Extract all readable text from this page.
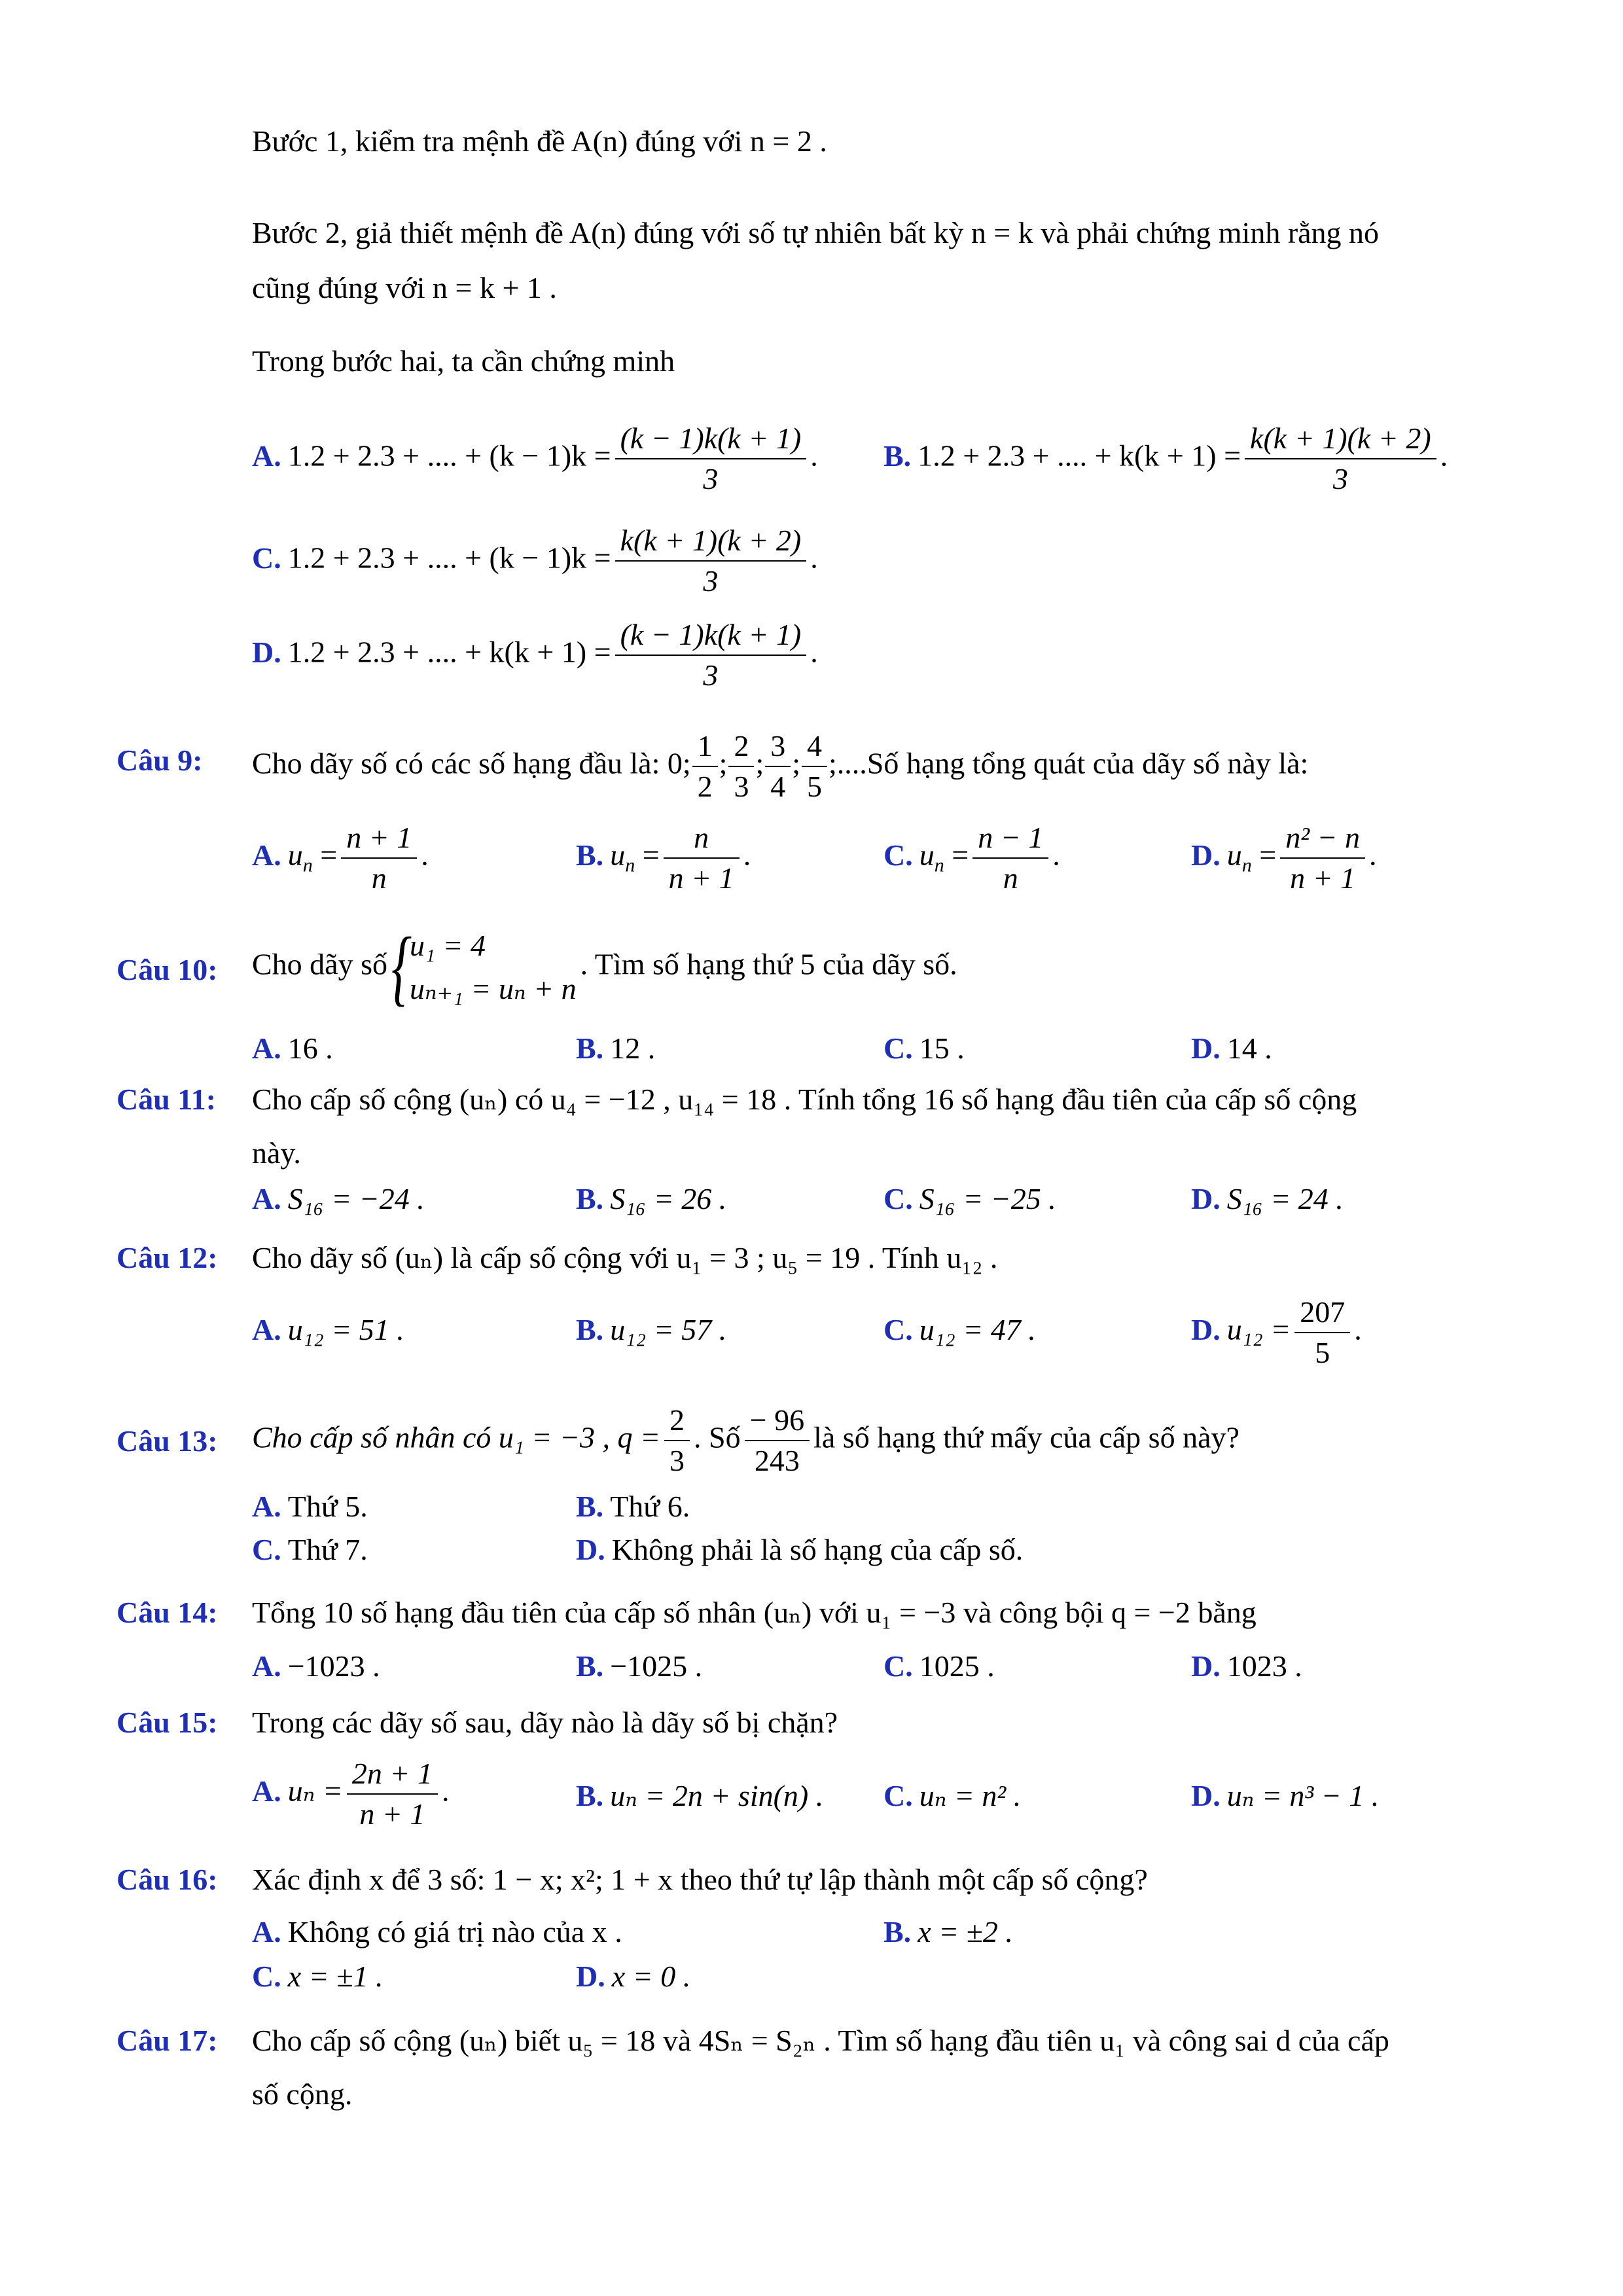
Bước 1, kiểm tra mệnh đề A(n) đúng với n = 2 .
Bước 2, giả thiết mệnh đề A(n) đúng với số tự nhiên bất kỳ n = k và phải chứng minh rằng nó
cũng đúng với n = k + 1 .
Trong bước hai, ta cần chứng minh
A. 1.2 + 2.3 + .... + $(k - 1)k = \frac{(k - 1)k(k + 1)}{3}$ . B. 1.2 + 2.3 + .... + $k(k + 1) = \frac{k(k + 1)(k + 2)}{3}$ .
C. 1.2 + 2.3 + .... + $(k - 1)k = \frac{k(k + 1)(k + 2)}{3}$ .
D. 1.2 + 2.3 + .... + $k(k + 1) = \frac{(k - 1)k(k + 1)}{3}$ .
Câu 9: Cho dãy số có các số hạng đầu là: 0; $\frac{1}{2}$ ; $\frac{2}{3}$ ; $\frac{3}{4}$ ; $\frac{4}{5}$ ;....Số hạng tổng quát của dãy số này là:
A. $u_n = \frac{n + 1}{n}$ .	B. $u_n = \frac{n}{n + 1}$ .	C. $u_n = \frac{n - 1}{n}$ .	D. $u_n = \frac{\text{n² − n}}{n + 1}$ .
Câu 10: Cho dãy số {
u₁ = 4
uₙ₊₁ = uₙ + n
. Tìm số hạng thứ 5 của dãy số.
A. 16 .	B. 12 .	C. 15 .	D. 14 .
Câu 11: Cho cấp số cộng (uₙ) có u₄ = −12 , u₁₄ = 18 . Tính tổng 16 số hạng đầu tiên của cấp số cộng
này.
A. S₁₆ = −24 .	B. S₁₆ = 26 .	C. S₁₆ = −25 .	D. S₁₆ = 24 .
Câu 12: Cho dãy số (uₙ) là cấp số cộng với u₁ = 3 ; u₅ = 19 . Tính u₁₂ .
A. u₁₂ = 51 .	B. u₁₂ = 57 .	C. u₁₂ = 47 .	D. $u_{12} = \frac{207}{5}$ .
Câu 13: Cho cấp số nhân có u₁ = −3 , $q = \frac{2}{3}$ . Số $\frac{- 96}{243}$ là số hạng thứ mấy của cấp số này?
A. Thứ 5.	B. Thứ 6.
C. Thứ 7.	D. Không phải là số hạng của cấp số.
Câu 14: Tổng 10 số hạng đầu tiên của cấp số nhân (uₙ) với u₁ = −3 và công bội q = −2 bằng
A. −1023 .	B. −1025 .	C. 1025 .	D. 1023 .
Câu 15: Trong các dãy số sau, dãy nào là dãy số bị chặn?
A. $u_n = \frac{2n + 1}{n + 1}$ .	B. uₙ = 2n + sin(n) . C. uₙ = n² .	D. uₙ = n³ − 1 .
Câu 16: Xác định x để 3 số: 1 − x; x²; 1 + x theo thứ tự lập thành một cấp số cộng?
A. Không có giá trị nào của x .	B. x = ±2 .
C. x = ±1 .	D. x = 0 .
Câu 17: Cho cấp số cộng (uₙ) biết u₅ = 18 và 4Sₙ = S₂ₙ . Tìm số hạng đầu tiên u₁ và công sai d của cấp
số cộng.
